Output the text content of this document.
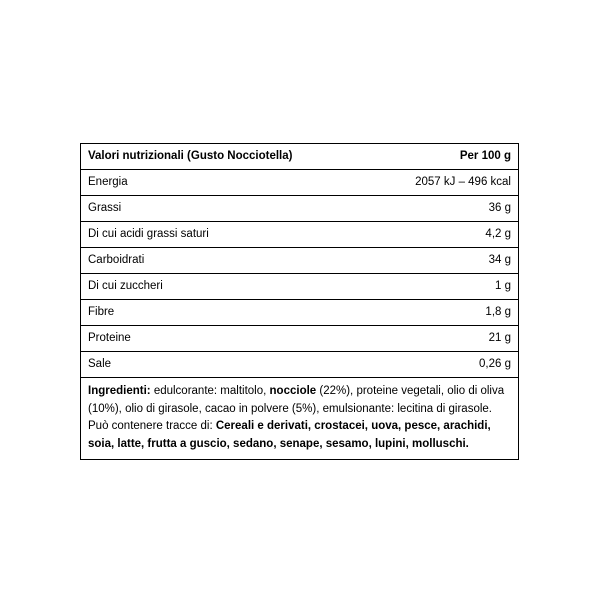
Valori nutrizionali (Gusto Nocciotella)	Per 100 g
Energia	2057 kJ – 496 kcal
Grassi	36 g
Di cui acidi grassi saturi	4,2 g
Carboidrati	34 g
Di cui zuccheri	1 g
Fibre	1,8 g
Proteine	21 g
Sale	0,26 g
Ingredienti: edulcorante: maltitolo, nocciole (22%), proteine vegetali, olio di oliva (10%), olio di girasole, cacao in polvere (5%), emulsionante: lecitina di girasole. Può contenere tracce di: Cereali e derivati, crostacei, uova, pesce, arachidi, soia, latte, frutta a guscio, sedano, senape, sesamo, lupini, molluschi.
